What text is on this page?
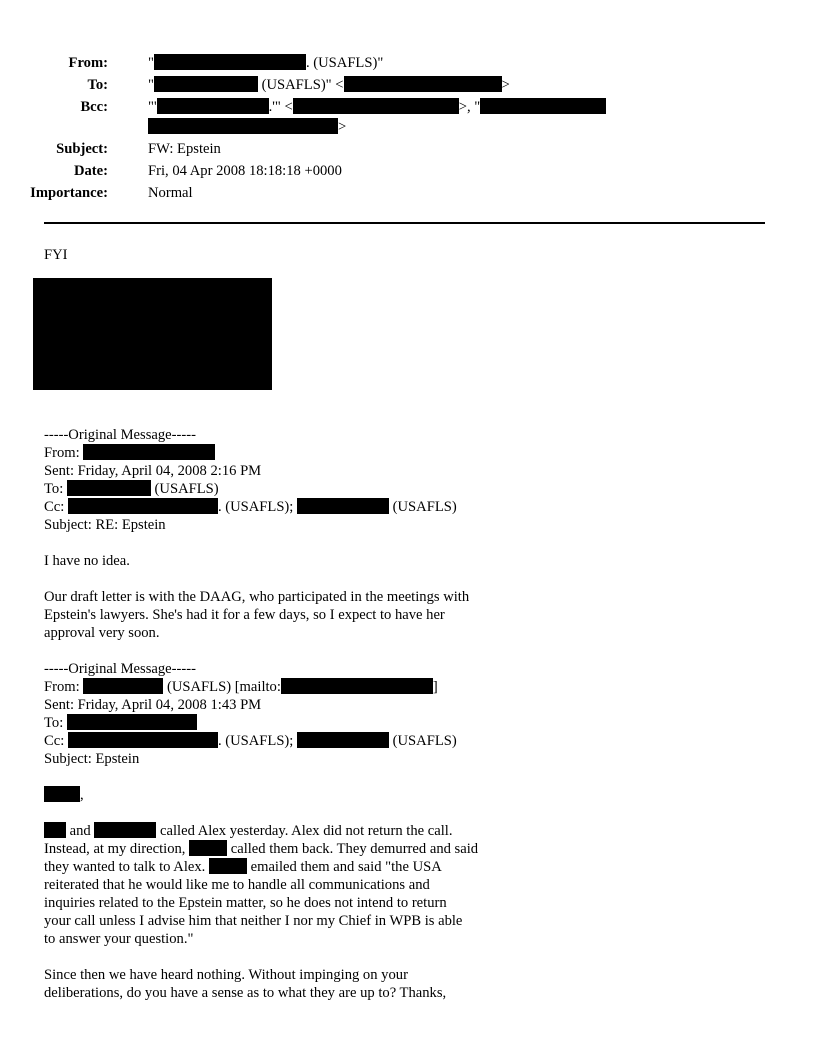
From:	"	. (USAFLS)"
To:	"	(USAFLS)" <	>
Bcc:	"'	.'" <	>, "
>
Subject:	FW: Epstein
Date:	Fri, 04 Apr 2008 18:18:18 +0000
Importance:	Normal
FYI
-----Original Message-----
From:
Sent: Friday, April 04, 2008 2:16 PM
To:	(USAFLS)
Cc:	. (USAFLS);	(USAFLS)
Subject: RE: Epstein
I have no idea.
Our draft letter is with the DAAG, who participated in the meetings with
Epstein's lawyers. She's had it for a few days, so I expect to have her
approval very soon.
-----Original Message-----
From:	(USAFLS) [mailto:	]
Sent: Friday, April 04, 2008 1:43 PM
To:
Cc:	. (USAFLS);	(USAFLS)
Subject: Epstein
,
and	called Alex yesterday. Alex did not return the call.
Instead, at my direction,	called them back. They demurred and said
they wanted to talk to Alex.	emailed them and said "the USA
reiterated that he would like me to handle all communications and
inquiries related to the Epstein matter, so he does not intend to return
your call unless I advise him that neither I nor my Chief in WPB is able
to answer your question."
Since then we have heard nothing. Without impinging on your
deliberations, do you have a sense as to what they are up to? Thanks,
